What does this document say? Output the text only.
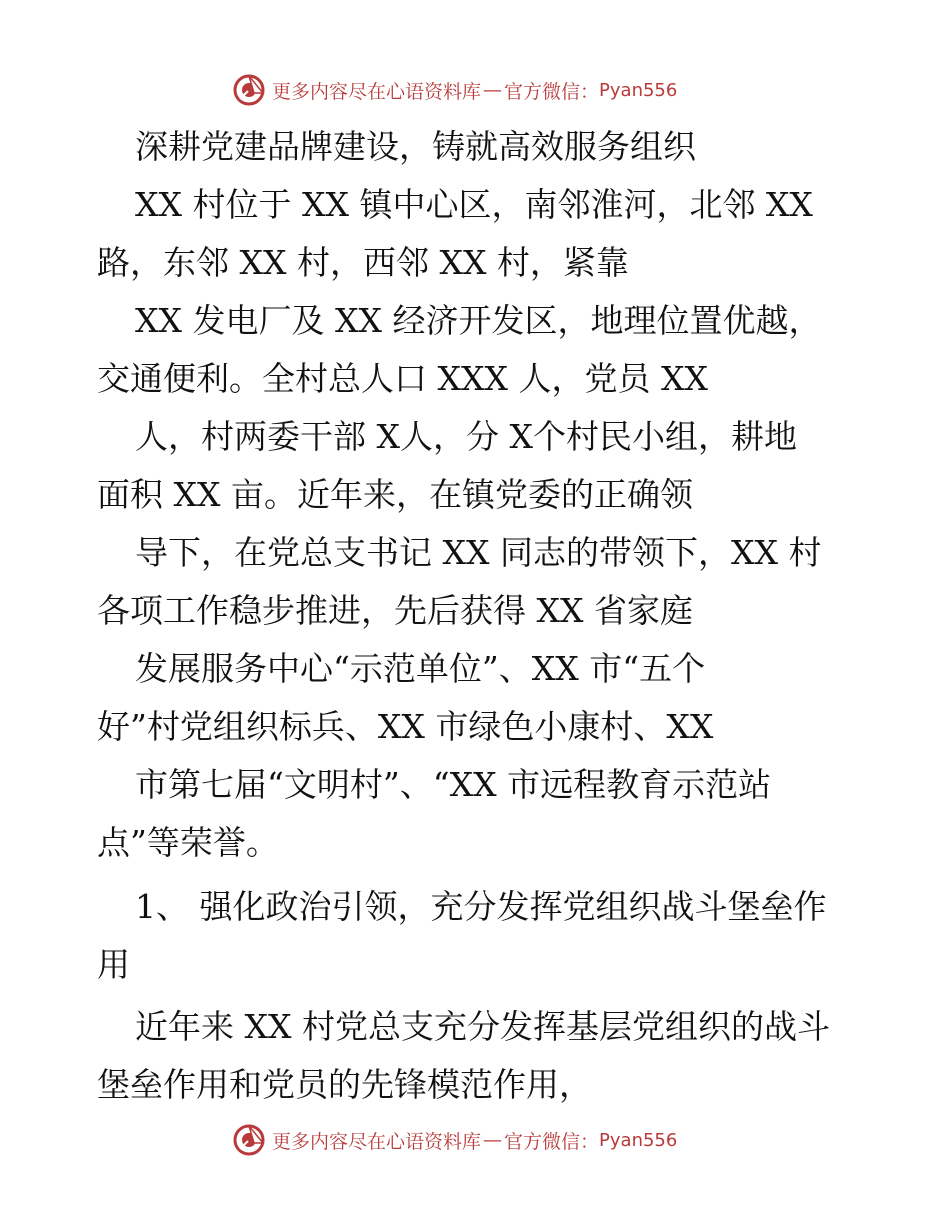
更多内容尽在心语资料库 — 官方微信： Pyan556

深耕党建品牌建设，铸就高效服务组织

XX 村位于 XX 镇中心区，南邻淮河，北邻 XX

路，东邻 XX 村，西邻 XX 村，紧靠

XX 发电厂及 XX 经济开发区，地理位置优越，

交通便利。全村总人口 XXX 人，党员 XX

人，村两委干部 X人，分 X个村民小组，耕地

面积 XX 亩。近年来，在镇党委的正确领

导下，在党总支书记 XX 同志的带领下，XX 村

各项工作稳步推进，先后获得 XX 省家庭

发展服务中心“示范单位”、XX 市“五个

好”村党组织标兵、XX 市绿色小康村、XX

市第七届“文明村”、“XX 市远程教育示范站

点”等荣誉。

1、 强化政治引领，充分发挥党组织战斗堡垒作

用

近年来 XX 村党总支充分发挥基层党组织的战斗

堡垒作用和党员的先锋模范作用，

更多内容尽在心语资料库 — 官方微信： Pyan556
